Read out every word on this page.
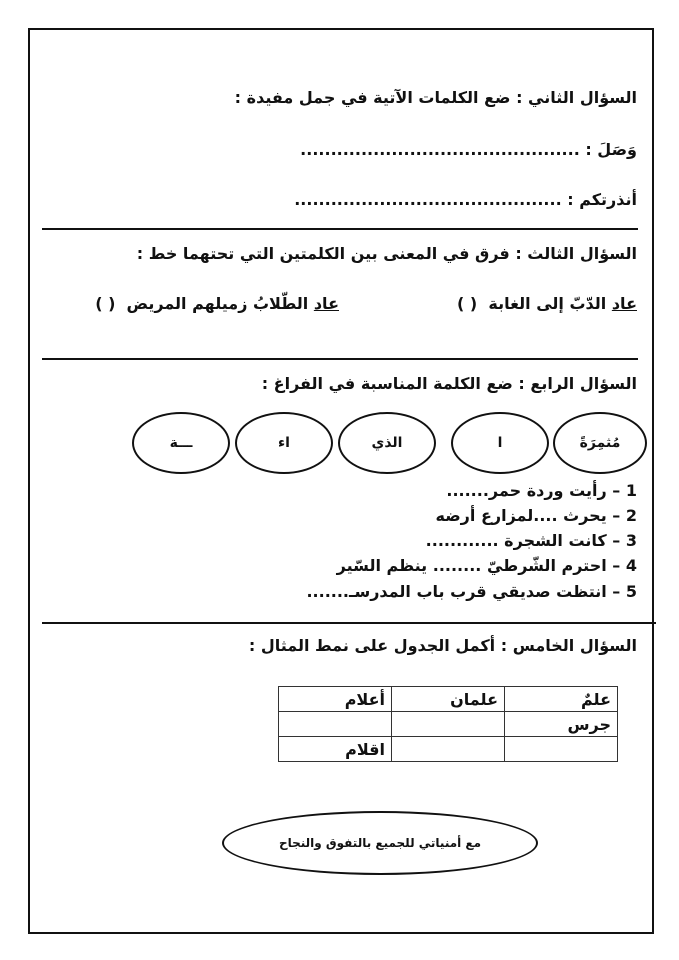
السؤال الثاني : ضع الكلمات الآتية في جمل مفيدة :
وَصَلَ : ..............................................
أنذرتكم : ............................................
السؤال الثالث : فرق في المعنى بين الكلمتين التي تحتهما خط :
عاد الدّبّ إلى الغابة  ( )
عاد الطّلابُ زميلهم المريض  ( )
السؤال الرابع : ضع الكلمة المناسبة في الفراغ :
مُثمِرَةً
ا
الذي
اء
ـــة
1 – رأيت وردة حمر.......
2 – يحرث ....لمزارع أرضه
3 – كانت الشجرة ............
4 – احترم الشّرطيّ ........ ينظم السّير
5 – انتظت صديقي قرب باب المدرسـ.......
السؤال الخامس : أكمل الجدول على نمط المثال :
علمٌ	علمان	أعلام
جرس		
		اقلام
مع أمنياتي للجميع بالتفوق والنجاح
